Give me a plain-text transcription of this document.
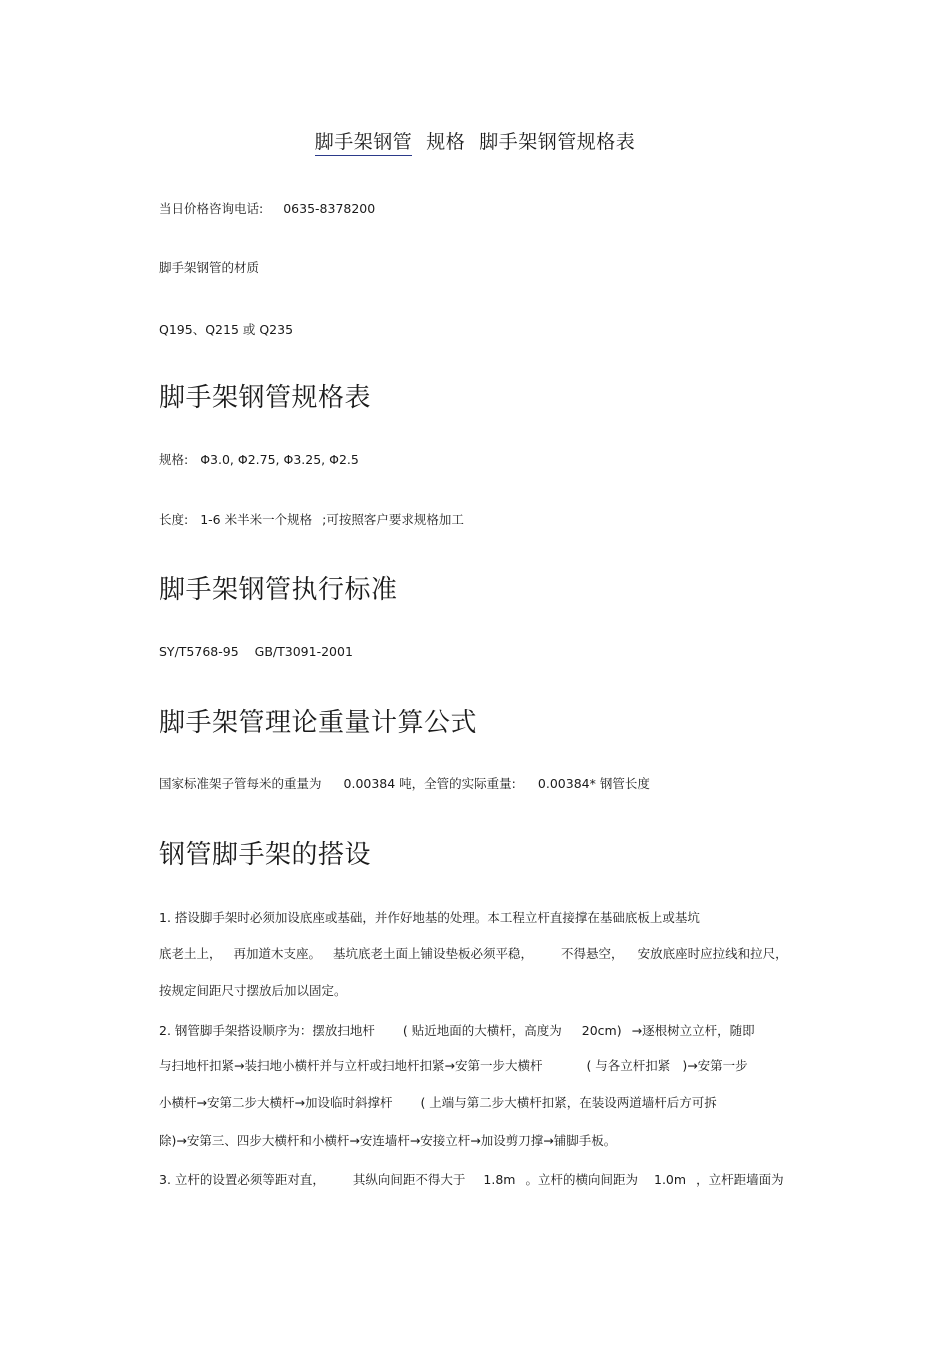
脚手架钢管 规格 脚手架钢管规格表
当日价格咨询电话: 0635-8378200
脚手架钢管的材质
Q195、Q215 或 Q235
脚手架钢管规格表
规格: Φ3.0, Φ2.75, Φ3.25, Φ2.5
长度: 1-6 米半米一个规格 ;可按照客户要求规格加工
脚手架钢管执行标准
SY/T5768-95 GB/T3091-2001
脚手架管理论重量计算公式
国家标准架子管每米的重量为 0.00384 吨，全管的实际重量: 0.00384* 钢管长度
钢管脚手架的搭设
1. 搭设脚手架时必须加设底座或基础，并作好地基的处理。本工程立杆直接撑在基础底板上或基坑
底老土上， 再加道木支座。 基坑底老土面上铺设垫板必须平稳， 不得悬空， 安放底座时应拉线和拉尺，
按规定间距尺寸摆放后加以固定。
2. 钢管脚手架搭设顺序为：摆放扫地杆 ( 贴近地面的大横杆，高度为 20cm) →逐根树立立杆，随即
与扫地杆扣紧→装扫地小横杆并与立杆或扫地杆扣紧→安第一步大横杆	( 与各立杆扣紧 )→安第一步
小横杆→安第二步大横杆→加设临时斜撑杆 ( 上端与第二步大横杆扣紧，在装设两道墙杆后方可拆
除)→安第三、四步大横杆和小横杆→安连墙杆→安接立杆→加设剪刀撑→铺脚手板。
3. 立杆的设置必须等距对直， 其纵向间距不得大于 1.8m 。立杆的横向间距为 1.0m ，立杆距墙面为
